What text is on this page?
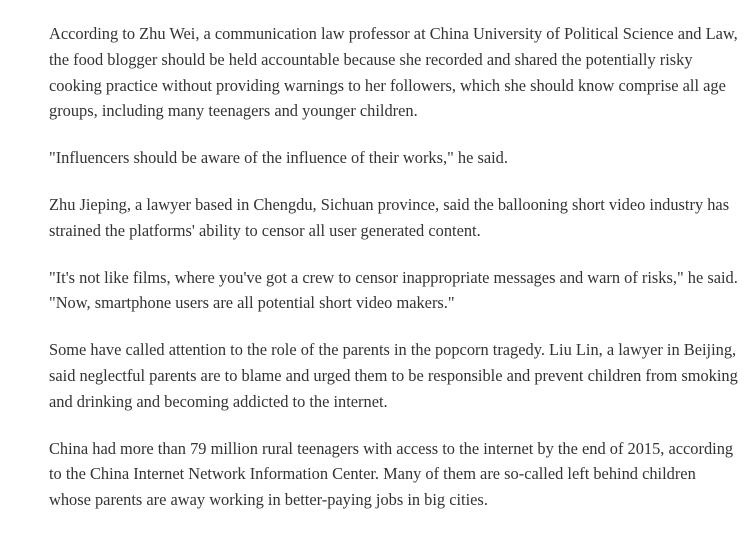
According to Zhu Wei, a communication law professor at China University of Political Science and Law, the food blogger should be held accountable because she recorded and shared the potentially risky cooking practice without providing warnings to her followers, which she should know comprise all age groups, including many teenagers and younger children.

"Influencers should be aware of the influence of their works," he said.

Zhu Jieping, a lawyer based in Chengdu, Sichuan province, said the ballooning short video industry has strained the platforms' ability to censor all user generated content.

"It's not like films, where you've got a crew to censor inappropriate messages and warn of risks," he said. "Now, smartphone users are all potential short video makers."

Some have called attention to the role of the parents in the popcorn tragedy. Liu Lin, a lawyer in Beijing, said neglectful parents are to blame and urged them to be responsible and prevent children from smoking and drinking and becoming addicted to the internet.

China had more than 79 million rural teenagers with access to the internet by the end of 2015, according to the China Internet Network Information Center. Many of them are so-called left behind children whose parents are away working in better-paying jobs in big cities.
